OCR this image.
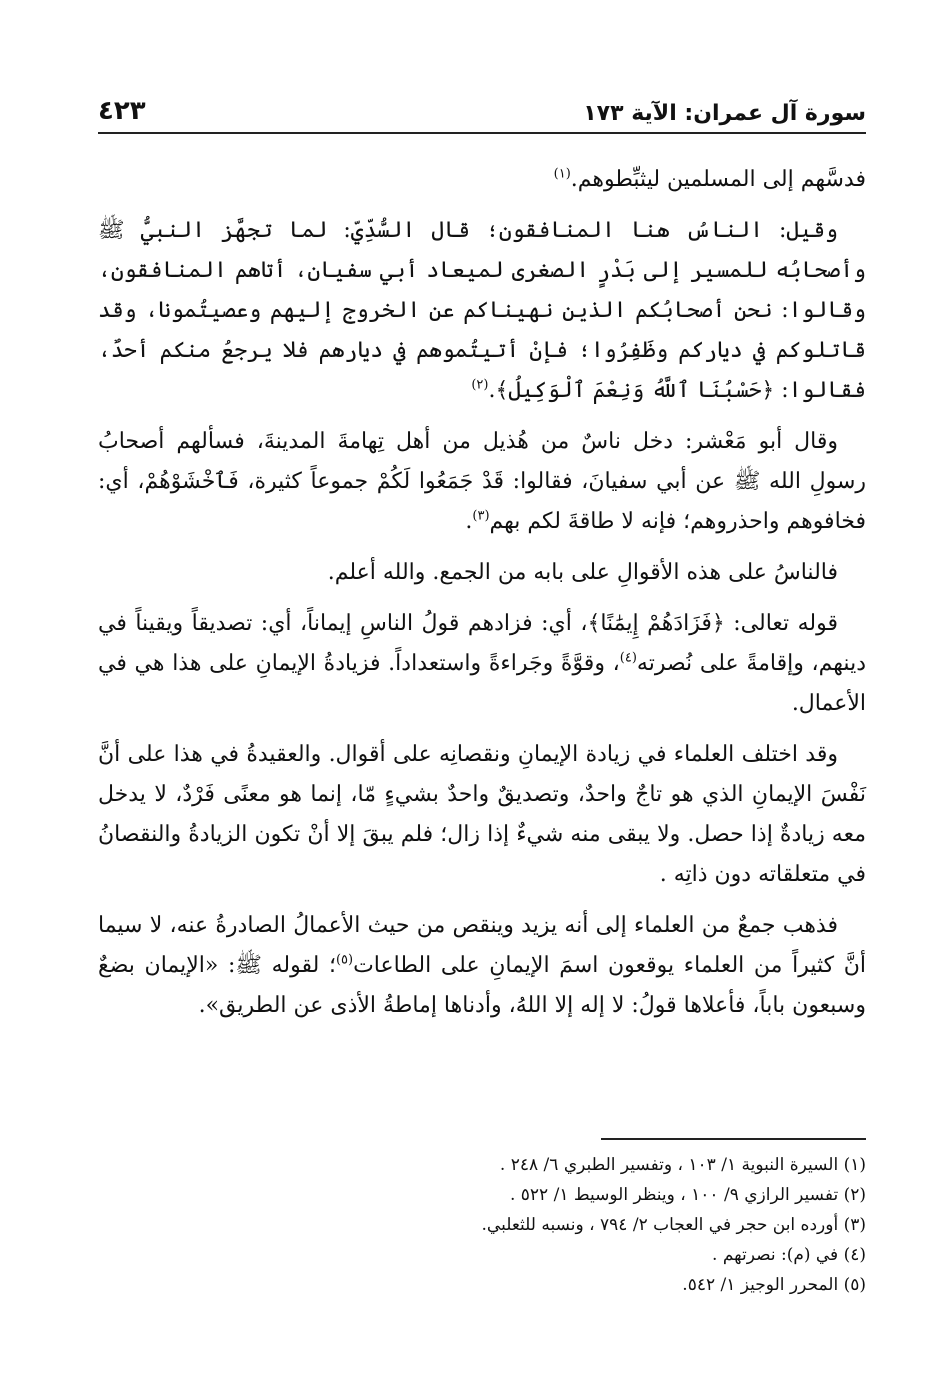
سورة آل عمران: الآية ١٧٣
٤٢٣

فدسَّهم إلى المسلمين ليثبِّطوهم.$^{(١)}$

وقيل: الناسُ هنا المنافقون؛ قال السُّدِّيّ: لما تجهَّز النبيُّ ﷺ وأصحابُه للمسير إلى بَدْرٍ الصغرى لميعاد أبي سفيان، أتاهم المنافقون، وقالوا: نحن أصحابُكم الذين نهيناكم عن الخروج إليهم وعصيتُمونا، وقد قاتلوكم في دياركم وظَفِرُوا؛ فإنْ أتيتُموهم في ديارهم فلا يرجعُ منكم أحدٌ، فقالوا: ﴿حَسْبُنَا ٱللَّهُ وَنِعْمَ ٱلْوَكِيلُ﴾.$^{(٢)}$

وقال أبو مَعْشر: دخل ناسٌ من هُذيل من أهل تِهامةَ المدينةَ، فسألهم أصحابُ رسولِ الله ﷺ عن أبي سفيانَ، فقالوا: قَدْ جَمَعُوا لَكُمْ جموعاً كثيرة، فَٱخْشَوْهُمْ، أي: فخافوهم واحذروهم؛ فإنه لا طاقةَ لكم بهم$^{(٣)}$.

فالناسُ على هذه الأقوالِ على بابه من الجمع. والله أعلم.

قوله تعالى: ﴿فَزَادَهُمْ إِيمَٰنًا﴾، أي: فزادهم قولُ الناسِ إيماناً، أي: تصديقاً ويقيناً في دينهم، وإقامةً على نُصرته$^{(٤)}$، وقوَّةً وجَراءةً واستعداداً. فزيادةُ الإيمانِ على هذا هي في الأعمال.

وقد اختلف العلماء في زيادة الإيمانِ ونقصانِه على أقوال. والعقيدةُ في هذا على أنَّ نَفْسَ الإيمانِ الذي هو تاجٌ واحدٌ، وتصديقٌ واحدٌ بشيءٍ مّا، إنما هو معنًى فَرْدٌ، لا يدخل معه زيادةٌ إذا حصل. ولا يبقى منه شيءٌ إذا زال؛ فلم يبقَ إلا أنْ تكون الزيادةُ والنقصانُ في متعلقاته دون ذاتِه .

فذهب جمعٌ من العلماء إلى أنه يزيد وينقص من حيث الأعمالُ الصادرةُ عنه، لا سيما أنَّ كثيراً من العلماء يوقعون اسمَ الإيمانِ على الطاعات$^{(٥)}$؛ لقوله ﷺ: «الإيمان بضعٌ وسبعون باباً، فأعلاها قولُ: لا إله إلا اللهُ، وأدناها إماطةُ الأذى عن الطريق».

(١) السيرة النبوية ١/ ١٠٣ ، وتفسير الطبري ٦/ ٢٤٨ .
(٢) تفسير الرازي ٩/ ١٠٠ ، وينظر الوسيط ١/ ٥٢٢ .
(٣) أورده ابن حجر في العجاب ٢/ ٧٩٤ ، ونسبه للثعلبي.
(٤) في (م): نصرتهم .
(٥) المحرر الوجيز ١/ ٥٤٢.
